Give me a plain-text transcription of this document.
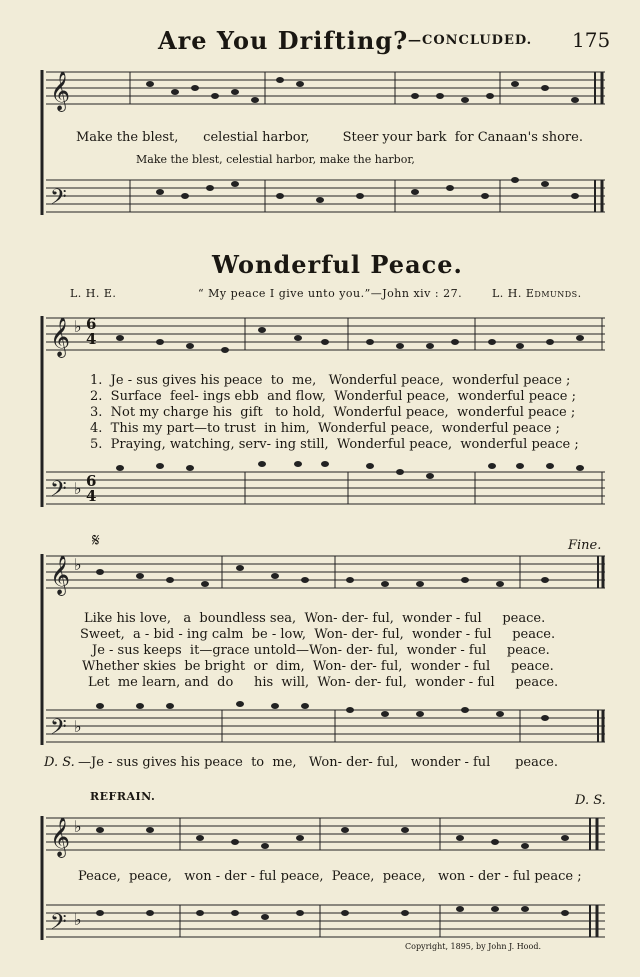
Are You Drifting? —CONCLUDED. 175
𝄞
𝄢
𝄞
𝄢
𝄞
𝄢
𝄞
𝄢
♭
♭
♭
♭
♭
♭
Make the blest,      celestial harbor,        Steer your bark  for Canaan's shore.
Make the blest, celestial harbor, make the harbor,
Wonderful Peace.
L. H. E.	“ My peace I give unto you.”—John xiv : 27.	L. H. Edmunds.
6
4
6
4
1.  Je - sus gives his peace  to  me,   Wonderful peace,  wonderful peace ;
2.  Surface  feel- ings ebb  and flow,  Wonderful peace,  wonderful peace ;
3.  Not my charge his  gift   to hold,  Wonderful peace,  wonderful peace ;
4.  This my part—to trust  in him,  Wonderful peace,  wonderful peace ;
5.  Praying, watching, serv- ing still,  Wonderful peace,  wonderful peace ;
𝄋	Fine.
Like his love,   a  boundless sea,  Won- der- ful,  wonder - ful     peace.
Sweet,  a - bid - ing calm  be - low,  Won- der- ful,  wonder - ful     peace.
Je - sus keeps  it—grace untold—Won- der- ful,  wonder - ful     peace.
Whether skies  be bright  or  dim,  Won- der- ful,  wonder - ful     peace.
Let  me learn, and  do     his  will,  Won- der- ful,  wonder - ful     peace.
D. S. —Je - sus gives his peace  to  me,   Won- der- ful,   wonder - ful      peace.
REFRAIN.	D. S.
Peace,  peace,   won - der - ful peace,  Peace,  peace,   won - der - ful peace ;
Copyright, 1895, by John J. Hood.
